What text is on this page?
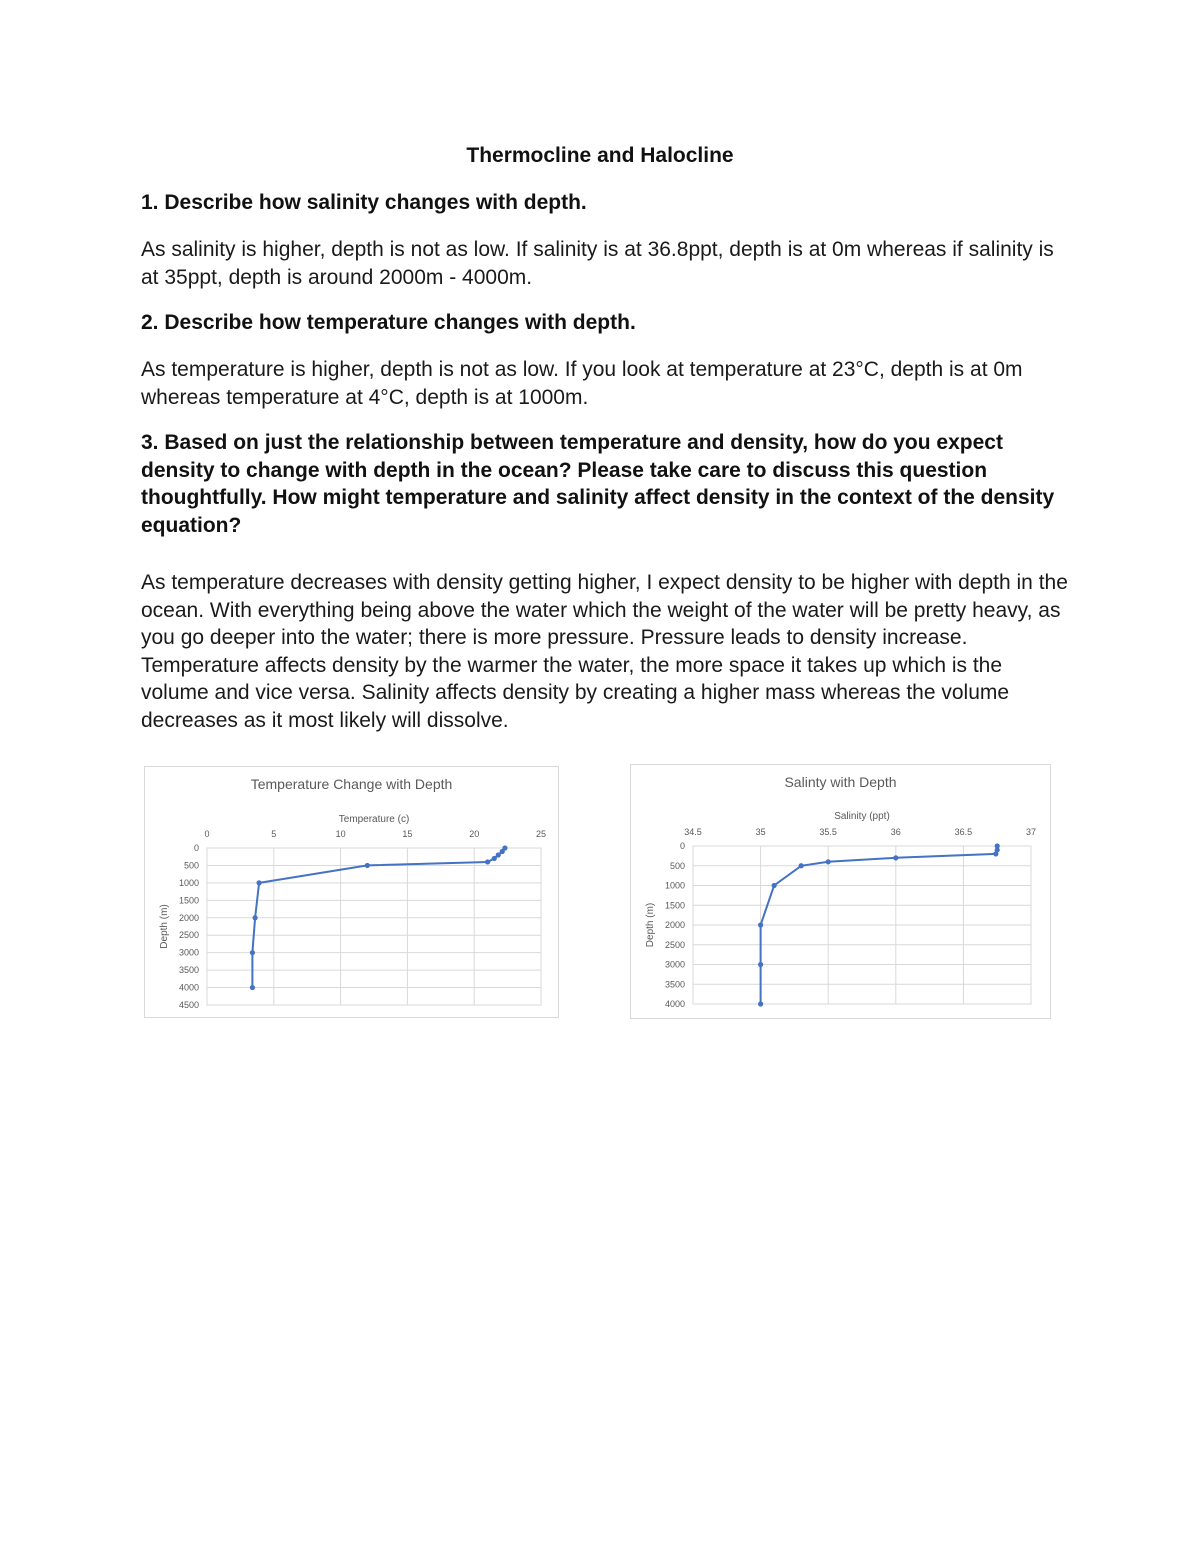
Thermocline and Halocline

1. Describe how salinity changes with depth.

As salinity is higher, depth is not as low. If salinity is at 36.8ppt, depth is at 0m whereas if salinity is at 35ppt, depth is around 2000m - 4000m.

2. Describe how temperature changes with depth.

As temperature is higher, depth is not as low. If you look at temperature at 23°C, depth is at 0m whereas temperature at 4°C, depth is at 1000m.

3. Based on just the relationship between temperature and density, how do you expect density to change with depth in the ocean? Please take care to discuss this question thoughtfully. How might temperature and salinity affect density in the context of the density equation?

As temperature decreases with density getting higher, I expect density to be higher with depth in the ocean. With everything being above the water which the weight of the water will be pretty heavy, as you go deeper into the water; there is more pressure. Pressure leads to density increase. Temperature affects density by the warmer the water, the more space it takes up which is the volume and vice versa. Salinity affects density by creating a higher mass whereas the volume decreases as it most likely will dissolve.

Temperature Change with Depth
Temperature (c)
Depth (m)
0	5	10	15	20	25
0
500
1000
1500
2000
2500
3000
3500
4000
4500
Salinty with Depth
Salinity (ppt)
Depth (m)
34.5	35	35.5	36	36.5	37
0
500
1000
1500
2000
2500
3000
3500
4000
